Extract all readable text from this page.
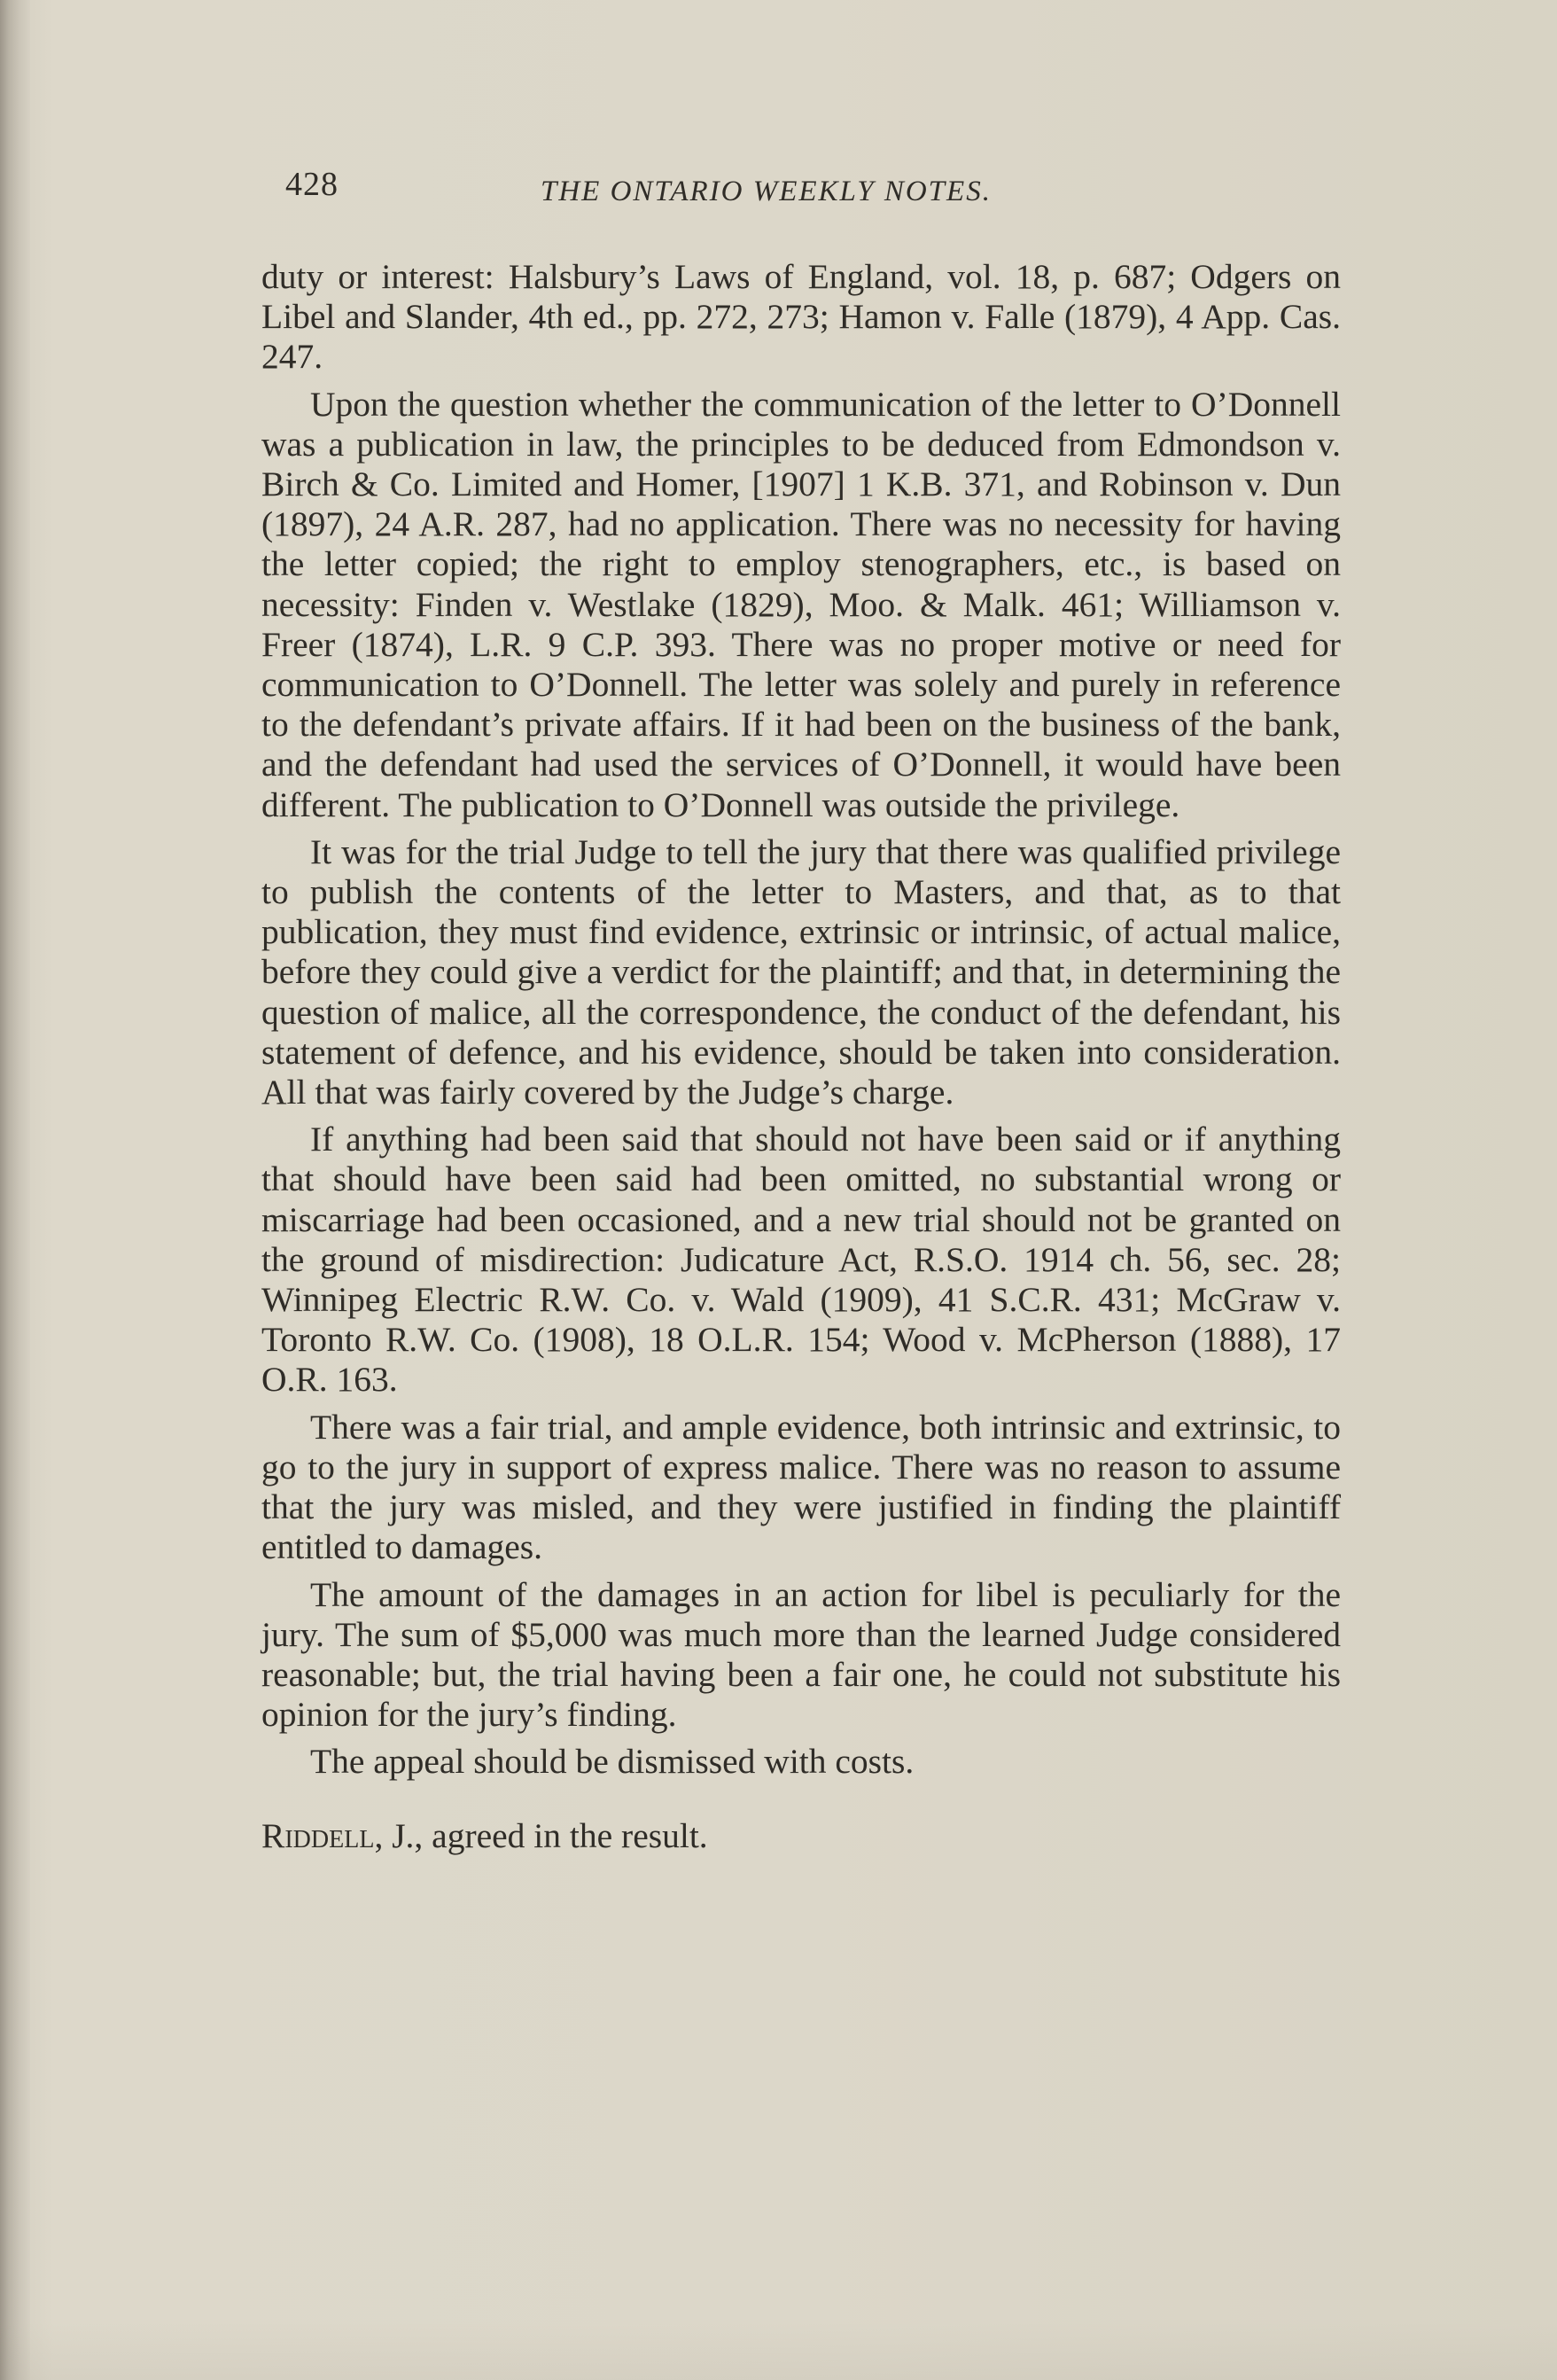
428	THE ONTARIO WEEKLY NOTES.

duty or interest: Halsbury’s Laws of England, vol. 18, p. 687; Odgers on Libel and Slander, 4th ed., pp. 272, 273; Hamon v. Falle (1879), 4 App. Cas. 247.

Upon the question whether the communication of the letter to O’Donnell was a publication in law, the principles to be deduced from Edmondson v. Birch & Co. Limited and Homer, [1907] 1 K.B. 371, and Robinson v. Dun (1897), 24 A.R. 287, had no application. There was no necessity for having the letter copied; the right to employ stenographers, etc., is based on necessity: Finden v. Westlake (1829), Moo. & Malk. 461; Williamson v. Freer (1874), L.R. 9 C.P. 393. There was no proper motive or need for communication to O’Donnell. The letter was solely and purely in reference to the defendant’s private affairs. If it had been on the business of the bank, and the defendant had used the services of O’Donnell, it would have been different. The publication to O’Donnell was outside the privilege.

It was for the trial Judge to tell the jury that there was qualified privilege to publish the contents of the letter to Masters, and that, as to that publication, they must find evidence, extrinsic or intrinsic, of actual malice, before they could give a verdict for the plaintiff; and that, in determining the question of malice, all the correspondence, the conduct of the defendant, his statement of defence, and his evidence, should be taken into consideration. All that was fairly covered by the Judge’s charge.

If anything had been said that should not have been said or if anything that should have been said had been omitted, no substantial wrong or miscarriage had been occasioned, and a new trial should not be granted on the ground of misdirection: Judicature Act, R.S.O. 1914 ch. 56, sec. 28; Winnipeg Electric R.W. Co. v. Wald (1909), 41 S.C.R. 431; McGraw v. Toronto R.W. Co. (1908), 18 O.L.R. 154; Wood v. McPherson (1888), 17 O.R. 163.

There was a fair trial, and ample evidence, both intrinsic and extrinsic, to go to the jury in support of express malice. There was no reason to assume that the jury was misled, and they were justified in finding the plaintiff entitled to damages.

The amount of the damages in an action for libel is peculiarly for the jury. The sum of $5,000 was much more than the learned Judge considered reasonable; but, the trial having been a fair one, he could not substitute his opinion for the jury’s finding.

The appeal should be dismissed with costs.

Riddell, J., agreed in the result.
